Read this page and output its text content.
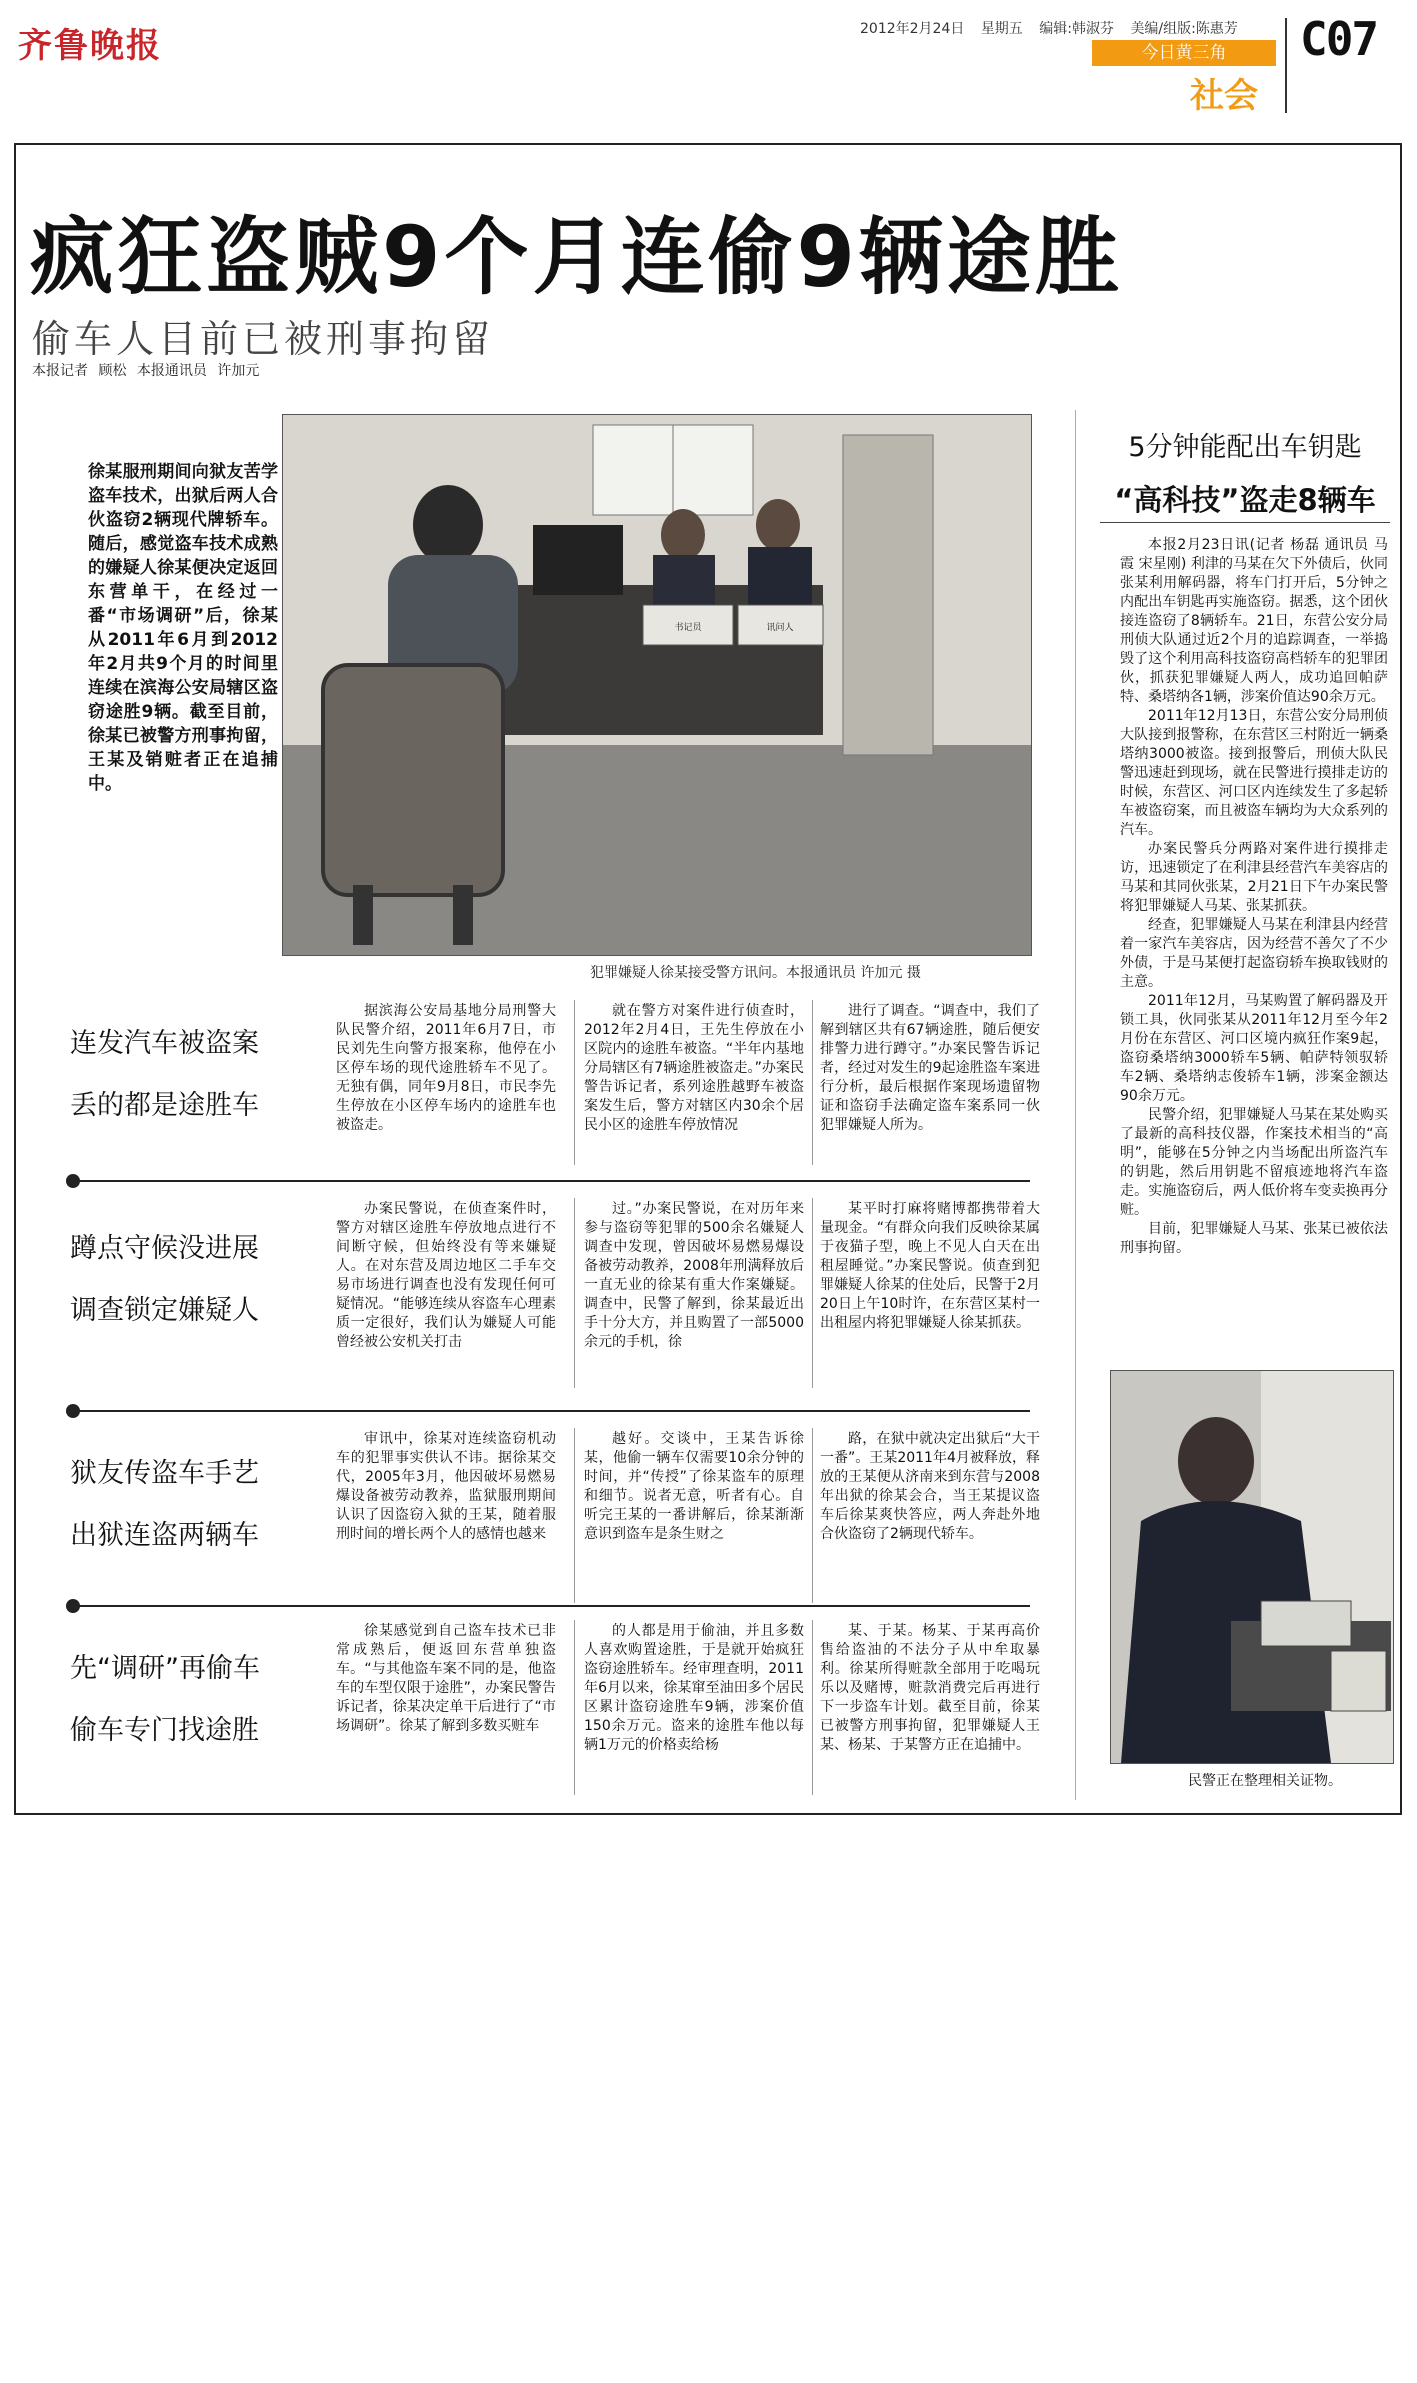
齐鲁晚报	2012年2月24日 星期五 编辑:韩淑芬 美编/组版:陈惠芳
今日黄三角
社会
C07
疯狂盗贼9个月连偷9辆途胜
偷车人目前已被刑事拘留
本报记者 顾松 本报通讯员 许加元
徐某服刑期间向狱友苦学盗车技术，出狱后两人合伙盗窃2辆现代牌轿车。随后，感觉盗车技术成熟的嫌疑人徐某便决定返回东营单干，在经过一番“市场调研”后，徐某从2011年6月到2012年2月共9个月的时间里连续在滨海公安局辖区盗窃途胜9辆。截至目前，徐某已被警方刑事拘留，王某及销赃者正在追捕中。
书记员	讯问人
犯罪嫌疑人徐某接受警方讯问。本报通讯员 许加元 摄
5分钟能配出车钥匙
“高科技”盗走8辆车

本报2月23日讯(记者 杨磊 通讯员 马霞 宋星刚) 利津的马某在欠下外债后，伙同张某利用解码器，将车门打开后，5分钟之内配出车钥匙再实施盗窃。据悉，这个团伙接连盗窃了8辆轿车。21日，东营公安分局刑侦大队通过近2个月的追踪调查，一举捣毁了这个利用高科技盗窃高档轿车的犯罪团伙，抓获犯罪嫌疑人两人，成功追回帕萨特、桑塔纳各1辆，涉案价值达90余万元。

2011年12月13日，东营公安分局刑侦大队接到报警称，在东营区三村附近一辆桑塔纳3000被盗。接到报警后，刑侦大队民警迅速赶到现场，就在民警进行摸排走访的时候，东营区、河口区内连续发生了多起轿车被盗窃案，而且被盗车辆均为大众系列的汽车。

办案民警兵分两路对案件进行摸排走访，迅速锁定了在利津县经营汽车美容店的马某和其同伙张某，2月21日下午办案民警将犯罪嫌疑人马某、张某抓获。

经查，犯罪嫌疑人马某在利津县内经营着一家汽车美容店，因为经营不善欠了不少外债，于是马某便打起盗窃轿车换取钱财的主意。

2011年12月，马某购置了解码器及开锁工具，伙同张某从2011年12月至今年2月份在东营区、河口区境内疯狂作案9起，盗窃桑塔纳3000轿车5辆、帕萨特领驭轿车2辆、桑塔纳志俊轿车1辆，涉案金额达90余万元。

民警介绍，犯罪嫌疑人马某在某处购买了最新的高科技仪器，作案技术相当的“高明”，能够在5分钟之内当场配出所盗汽车的钥匙，然后用钥匙不留痕迹地将汽车盗走。实施盗窃后，两人低价将车变卖换再分赃。

目前，犯罪嫌疑人马某、张某已被依法刑事拘留。

民警正在整理相关证物。
连发汽车被盗案
丢的都是途胜车

据滨海公安局基地分局刑警大队民警介绍，2011年6月7日，市民刘先生向警方报案称，他停在小区停车场的现代途胜轿车不见了。无独有偶，同年9月8日，市民李先生停放在小区停车场内的途胜车也被盗走。

就在警方对案件进行侦查时，2012年2月4日，王先生停放在小区院内的途胜车被盗。“半年内基地分局辖区有7辆途胜被盗走。”办案民警告诉记者，系列途胜越野车被盗案发生后，警方对辖区内30余个居民小区的途胜车停放情况

进行了调查。“调查中，我们了解到辖区共有67辆途胜，随后便安排警力进行蹲守。”办案民警告诉记者，经过对发生的9起途胜盗车案进行分析，最后根据作案现场遗留物证和盗窃手法确定盗车案系同一伙犯罪嫌疑人所为。

蹲点守候没进展
调查锁定嫌疑人

办案民警说，在侦查案件时，警方对辖区途胜车停放地点进行不间断守候，但始终没有等来嫌疑人。在对东营及周边地区二手车交易市场进行调查也没有发现任何可疑情况。“能够连续从容盗车心理素质一定很好，我们认为嫌疑人可能曾经被公安机关打击

过。”办案民警说，在对历年来参与盗窃等犯罪的500余名嫌疑人调查中发现，曾因破坏易燃易爆设备被劳动教养，2008年刑满释放后一直无业的徐某有重大作案嫌疑。调查中，民警了解到，徐某最近出手十分大方，并且购置了一部5000余元的手机，徐

某平时打麻将赌博都携带着大量现金。“有群众向我们反映徐某属于夜猫子型，晚上不见人白天在出租屋睡觉。”办案民警说。侦查到犯罪嫌疑人徐某的住处后，民警于2月20日上午10时许，在东营区某村一出租屋内将犯罪嫌疑人徐某抓获。

狱友传盗车手艺
出狱连盗两辆车

审讯中，徐某对连续盗窃机动车的犯罪事实供认不讳。据徐某交代，2005年3月，他因破坏易燃易爆设备被劳动教养，监狱服刑期间认识了因盗窃入狱的王某，随着服刑时间的增长两个人的感情也越来

越好。交谈中，王某告诉徐某，他偷一辆车仅需要10余分钟的时间，并“传授”了徐某盗车的原理和细节。说者无意，听者有心。自听完王某的一番讲解后，徐某渐渐意识到盗车是条生财之

路，在狱中就决定出狱后“大干一番”。王某2011年4月被释放，释放的王某便从济南来到东营与2008年出狱的徐某会合，当王某提议盗车后徐某爽快答应，两人奔赴外地合伙盗窃了2辆现代轿车。

先“调研”再偷车
偷车专门找途胜

徐某感觉到自己盗车技术已非常成熟后，便返回东营单独盗车。“与其他盗车案不同的是，他盗车的车型仅限于途胜”，办案民警告诉记者，徐某决定单干后进行了“市场调研”。徐某了解到多数买赃车

的人都是用于偷油，并且多数人喜欢购置途胜，于是就开始疯狂盗窃途胜轿车。经审理查明，2011年6月以来，徐某窜至油田多个居民区累计盗窃途胜车9辆，涉案价值150余万元。盗来的途胜车他以每辆1万元的价格卖给杨

某、于某。杨某、于某再高价售给盗油的不法分子从中牟取暴利。徐某所得赃款全部用于吃喝玩乐以及赌博，赃款消费完后再进行下一步盗车计划。截至目前，徐某已被警方刑事拘留，犯罪嫌疑人王某、杨某、于某警方正在追捕中。
